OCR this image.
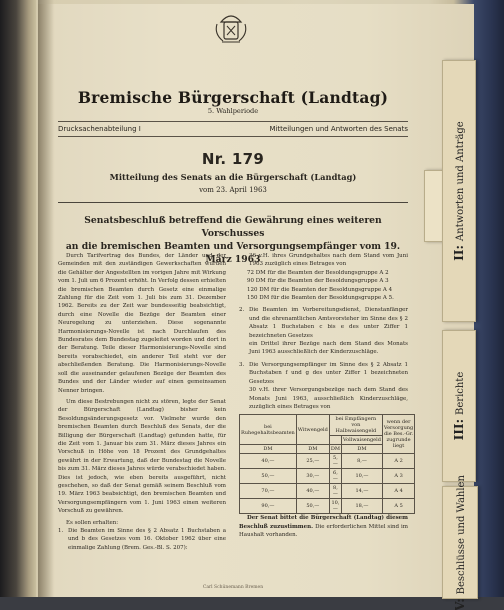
II:Antworten und Anträge
III:Berichte
V:Beschlüsse und Wahlen
Bremische Bürgerschaft (Landtag)
5. Wahlperiode
Drucksachenabteilung I	Mitteilungen und Antworten des Senats
Nr. 179
Mitteilung des Senats an die Bürgerschaft (Landtag)
vom 23. April 1963
Senatsbeschluß betreffend die Gewährung eines weiteren Vorschusses
an die bremischen Beamten und Versorgungsempfänger vom 19. März 1963

Durch Tarifvertrag des Bundes, der Länder und der Gemeinden mit den zuständigen Gewerkschaften wurden die Gehälter der Angestellten im vorigen Jahre mit Wirkung vom 1. Juli um 6 Prozent erhöht. In Verfolg dessen erhielten die bremischen Beamten durch Gesetz eine einmalige Zahlung für die Zeit vom 1. Juli bis zum 31. Dezember 1962. Bereits zu der Zeit war bundesseitig beabsichtigt, durch eine Novelle die Bezüge der Beamten einer Neuregelung zu unterziehen. Diese sogenannte Harmonisierungs-Novelle ist nach Durchlaufen des Bundesrates dem Bundestag zugeleitet worden und dort in der Beratung. Teile dieser Harmonisierungs-Novelle sind bereits vorabschiedet, ein anderer Teil steht vor der abschließenden Beratung. Die Harmonisierungs-Novelle soll die auseinander gelaufenen Bezüge der Beamten des Bundes und der Länder wieder auf einen gemeinsamen Nenner bringen.

Um diese Bestrebungen nicht zu stören, legte der Senat der Bürgerschaft (Landtag) bisher kein Besoldungsänderungsgesetz vor. Vielmehr wurde den bremischen Beamten durch Beschluß des Senats, der die Billigung der Bürgerschaft (Landtag) gefunden hatte, für die Zeit vom 1. Januar bis zum 31. März dieses Jahres ein Vorschuß in Höhe von 18 Prozent des Grundgehaltes gewährt in der Erwartung, daß der Bundestag die Novelle bis zum 31. März dieses Jahres würde verabschiedet haben. Dies ist jedoch, wie eben bereits ausgeführt, nicht geschehen, so daß der Senat gemäß seinem Beschluß vom 19. März 1963 beabsichtigt, den bremischen Beamten und Versorgungsempfängern vom 1. Juni 1963 einen weiteren Vorschuß zu gewähren.

Es sollen erhalten:

1. Die Beamten im Sinne des § 2 Absatz 1 Buchstaben a und b des Gesetzes vom 16. Oktober 1962 über eine einmalige Zahlung (Brem. Ges.-Bl. S. 207):

36 v.H. ihres Grundgehaltes nach dem Stand vom Juni 1963 zuzüglich eines Betrages von

72 DM für die Beamten der Besoldungsgruppe A 2
90 DM für die Beamten der Besoldungsgruppe A 3
120 DM für die Beamten der Besoldungsgruppe A 4
150 DM für die Beamten der Besoldungsgruppe A 5.
2. Die Beamten im Vorbereitungsdienst, Dienstanfänger und die ehrenamtlichen Amtsvorsteher im Sinne des § 2 Absatz 1 Buchstaben c bis e des unter Ziffer 1 bezeichneten Gesetzes

ein Drittel ihrer Bezüge nach dem Stand des Monats Juni 1963 ausschließlich der Kinderzuschläge.

3. Die Versorgungsempfänger im Sinne des § 2 Absatz 1 Buchstaben f und g des unter Ziffer 1 bezeichneten Gesetzes

30 v.H. ihrer Versorgungsbezüge nach dem Stand des Monats Juni 1963, ausschließlich Kinderzuschläge, zuzüglich eines Betrages von

bei Ruhegehaltsbeamten	Witwengeld	bei Empfängern von Halbwaisengeld		wenn der Versorgung die Bes.-Gr. zugrunde liegt
			Vollwaisengeld	
DM	DM	DM	DM	
40,—	25,—	5,—	8,—	A 2
50,—	30,—	6,—	10,—	A 3
70,—	40,—	8,—	14,—	A 4
90,—	50,—	10,—	18,—	A 5

Der Senat bittet die Bürgerschaft (Landtag) diesem Beschluß zuzustimmen. Die erforderlichen Mittel sind im Haushalt vorhanden.

Carl Schünemann Bremen
